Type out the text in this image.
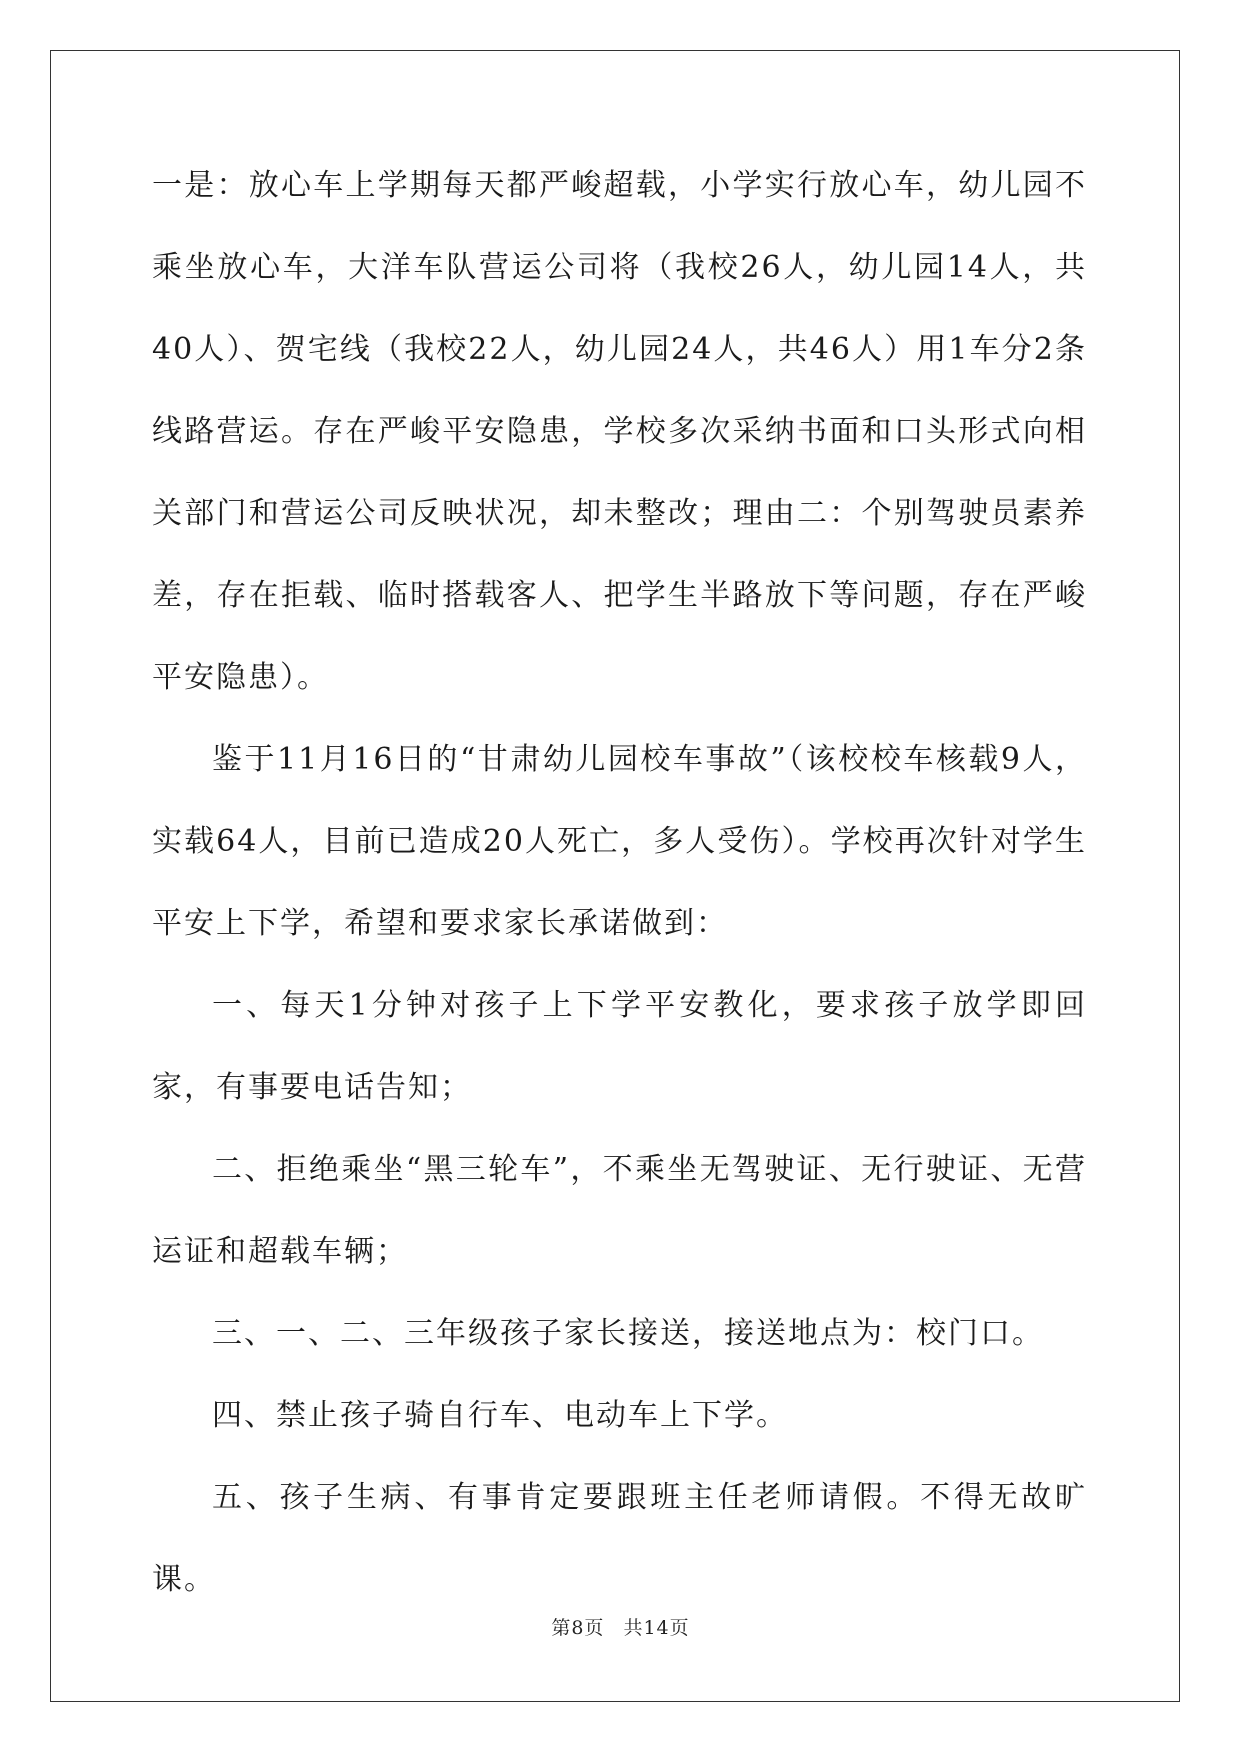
一是：放心车上学期每天都严峻超载，小学实行放心车，幼儿园不乘坐放心车，大洋车队营运公司将（我校26人，幼儿园14人，共40人）、贺宅线（我校22人，幼儿园24人，共46人）用1车分2条线路营运。存在严峻平安隐患，学校多次采纳书面和口头形式向相关部门和营运公司反映状况，却未整改；理由二：个别驾驶员素养差，存在拒载、临时搭载客人、把学生半路放下等问题，存在严峻平安隐患）。

鉴于11月16日的“甘肃幼儿园校车事故”（该校校车核载9人，实载64人，目前已造成20人死亡，多人受伤）。学校再次针对学生平安上下学，希望和要求家长承诺做到：

一、每天1分钟对孩子上下学平安教化，要求孩子放学即回家，有事要电话告知；

二、拒绝乘坐“黑三轮车”，不乘坐无驾驶证、无行驶证、无营运证和超载车辆；

三、一、二、三年级孩子家长接送，接送地点为：校门口。

四、禁止孩子骑自行车、电动车上下学。

五、孩子生病、有事肯定要跟班主任老师请假。不得无故旷课。

第8页 共14页
